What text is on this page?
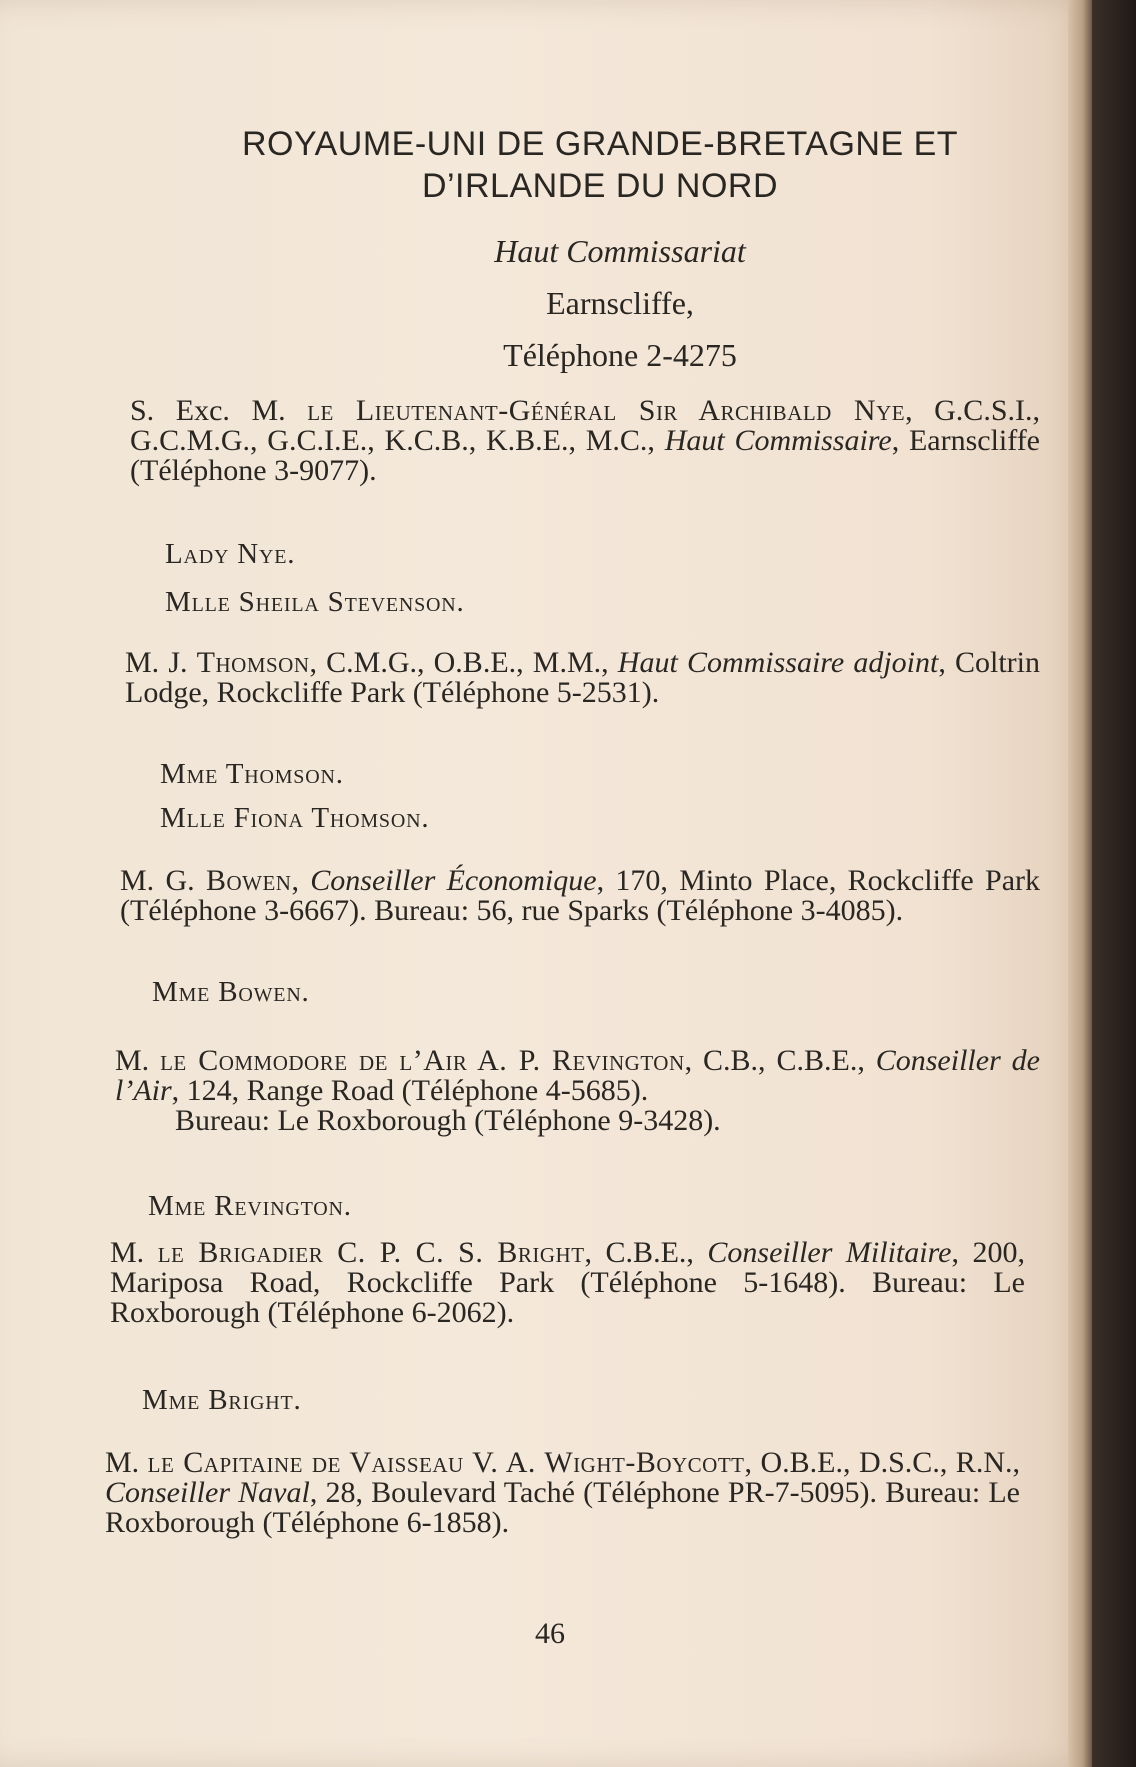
ROYAUME-UNI DE GRANDE-BRETAGNE ET
D’IRLANDE DU NORD
Haut Commissariat
Earnscliffe,
Téléphone 2-4275
S. Exc. M. le Lieutenant-Général Sir Archibald Nye, G.C.S.I., G.C.M.G., G.C.I.E., K.C.B., K.B.E., M.C., Haut Commissaire, Earnscliffe (Téléphone 3-9077).
Lady Nye.
Mlle Sheila Stevenson.
M. J. Thomson, C.M.G., O.B.E., M.M., Haut Commissaire adjoint, Coltrin Lodge, Rockcliffe Park (Téléphone 5-2531).
Mme Thomson.
Mlle Fiona Thomson.
M. G. Bowen, Conseiller Économique, 170, Minto Place, Rockcliffe Park (Téléphone 3-6667). Bureau: 56, rue Sparks (Téléphone 3-4085).
Mme Bowen.
M. le Commodore de l’Air A. P. Revington, C.B., C.B.E., Conseiller de l’Air, 124, Range Road (Téléphone 4-5685).
Bureau: Le Roxborough (Téléphone 9-3428).
Mme Revington.
M. le Brigadier C. P. C. S. Bright, C.B.E., Conseiller Militaire, 200, Mariposa Road, Rockcliffe Park (Téléphone 5-1648). Bureau: Le Roxborough (Téléphone 6-2062).
Mme Bright.
M. le Capitaine de Vaisseau V. A. Wight-Boycott, O.B.E., D.S.C., R.N., Conseiller Naval, 28, Boulevard Taché (Téléphone PR-7-5095). Bureau: Le Roxborough (Téléphone 6-1858).
46
